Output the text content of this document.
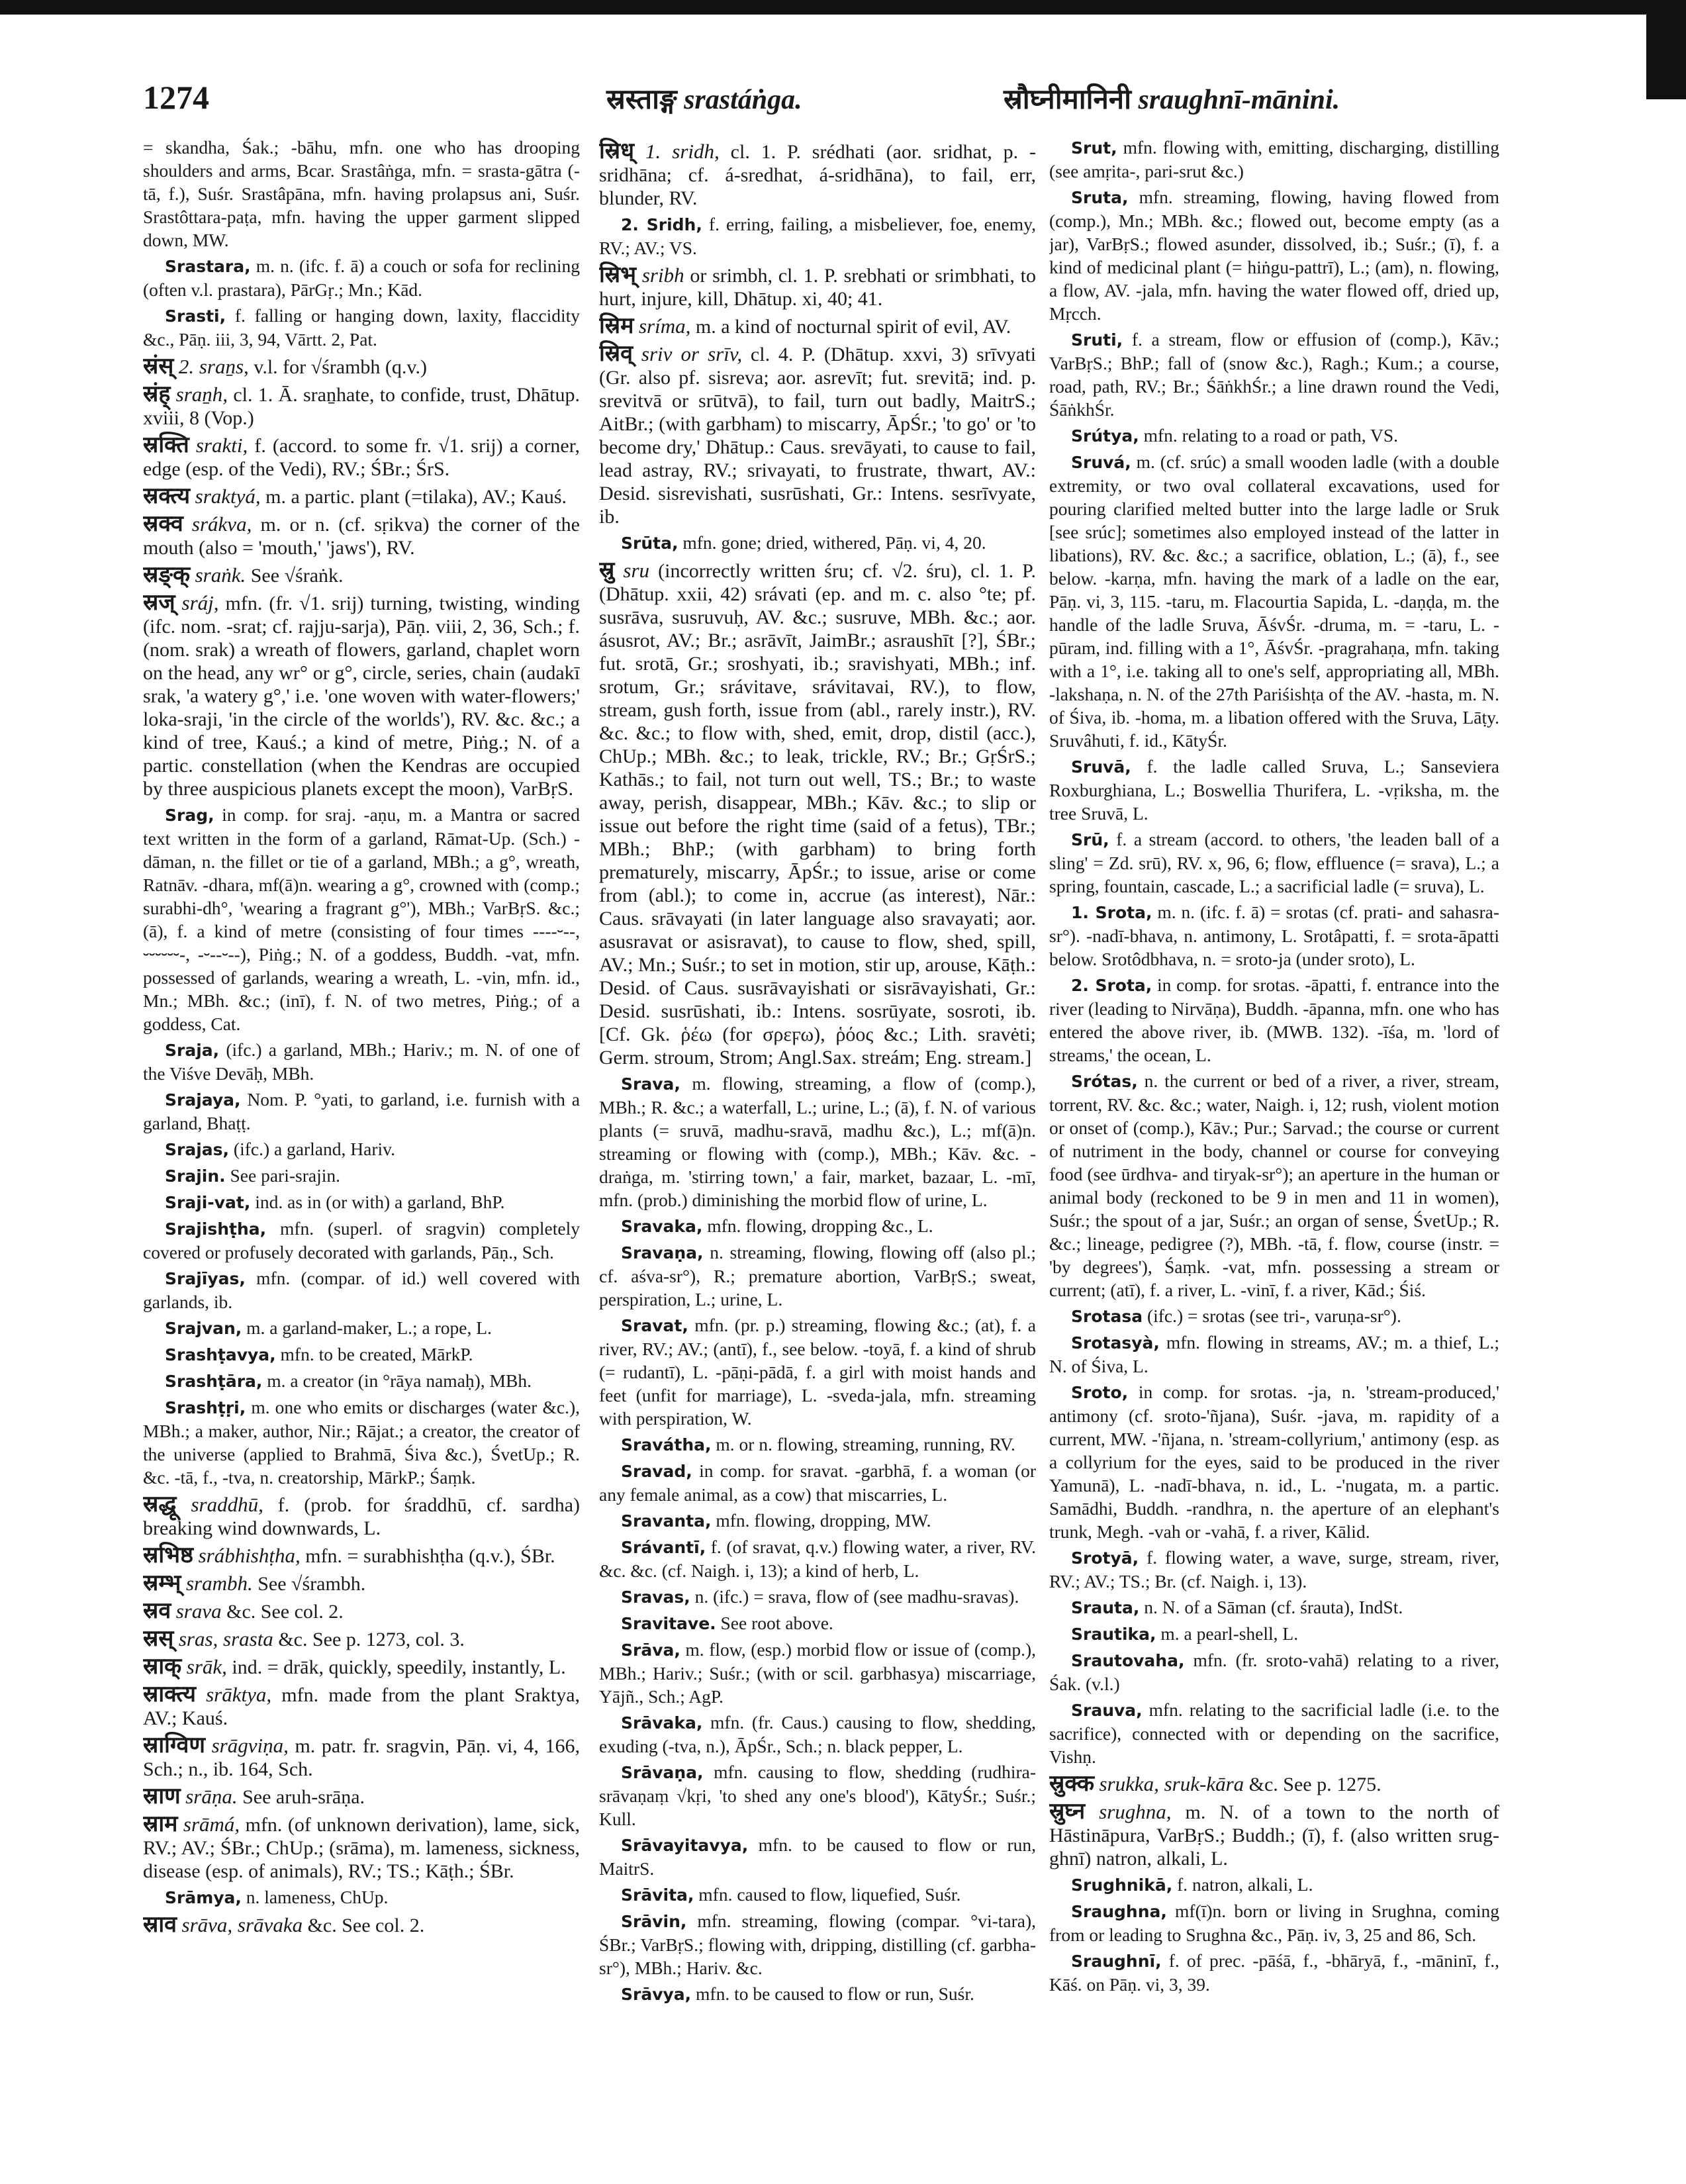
1274	स्रस्ताङ्ग srastáṅga.	स्रौघ्नीमानिनी sraughnī-mānini.

= skandha, Śak.; -bāhu, mfn. one who has drooping shoulders and arms, Bcar. Srastâṅga, mfn. = srasta-gātra (-tā, f.), Suśr. Srastâpāna, mfn. having prolapsus ani, Suśr. Srastôttara-paṭa, mfn. having the upper garment slipped down, MW.

Srastara, m. n. (ifc. f. ā) a couch or sofa for reclining (often v.l. prastara), PārGṛ.; Mn.; Kād.

Srasti, f. falling or hanging down, laxity, flaccidity &c., Pāṇ. iii, 3, 94, Vārtt. 2, Pat.

स्रंस् 2. sraṉs, v.l. for √śrambh (q.v.)

स्रंह् sraṉh, cl. 1. Ā. sraṉhate, to confide, trust, Dhātup. xviii, 8 (Vop.)

स्रक्ति srakti, f. (accord. to some fr. √1. srij) a corner, edge (esp. of the Vedi), RV.; ŚBr.; ŚrS.

स्रक्त्य sraktyá, m. a partic. plant (=tilaka), AV.; Kauś.

स्रक्व srákva, m. or n. (cf. sṛikva) the corner of the mouth (also = 'mouth,' 'jaws'), RV.

स्रङ्क् sraṅk. See √śraṅk.

स्रज् sráj, mfn. (fr. √1. srij) turning, twisting, winding (ifc. nom. -srat; cf. rajju-sarja), Pāṇ. viii, 2, 36, Sch.; f. (nom. srak) a wreath of flowers, garland, chaplet worn on the head, any wr° or g°, circle, series, chain (audakī srak, 'a watery g°,' i.e. 'one woven with water-flowers;' loka-sraji, 'in the circle of the worlds'), RV. &c. &c.; a kind of tree, Kauś.; a kind of metre, Piṅg.; N. of a partic. constellation (when the Kendras are occupied by three auspicious planets except the moon), VarBṛS.

Srag, in comp. for sraj. -aṇu, m. a Mantra or sacred text written in the form of a garland, Rāmat-Up. (Sch.) -dāman, n. the fillet or tie of a garland, MBh.; a g°, wreath, Ratnāv. -dhara, mf(ā)n. wearing a g°, crowned with (comp.; surabhi-dh°, 'wearing a fragrant g°'), MBh.; VarBṛS. &c.; (ā), f. a kind of metre (consisting of four times ----⏑--, ⏑⏑⏑⏑⏑⏑-, -⏑--⏑--), Piṅg.; N. of a goddess, Buddh. -vat, mfn. possessed of garlands, wearing a wreath, L. -vin, mfn. id., Mn.; MBh. &c.; (inī), f. N. of two metres, Piṅg.; of a goddess, Cat.

Sraja, (ifc.) a garland, MBh.; Hariv.; m. N. of one of the Viśve Devāḥ, MBh.

Srajaya, Nom. P. °yati, to garland, i.e. furnish with a garland, Bhaṭṭ.

Srajas, (ifc.) a garland, Hariv.

Srajin. See pari-srajin.

Sraji-vat, ind. as in (or with) a garland, BhP.

Srajishṭha, mfn. (superl. of sragvin) completely covered or profusely decorated with garlands, Pāṇ., Sch.

Srajīyas, mfn. (compar. of id.) well covered with garlands, ib.

Srajvan, m. a garland-maker, L.; a rope, L.

Srashṭavya, mfn. to be created, MārkP.

Srashṭāra, m. a creator (in °rāya namaḥ), MBh.

Srashṭṛi, m. one who emits or discharges (water &c.), MBh.; a maker, author, Nir.; Rājat.; a creator, the creator of the universe (applied to Brahmā, Śiva &c.), ŚvetUp.; R. &c. -tā, f., -tva, n. creatorship, MārkP.; Śaṃk.

स्रद्धू sraddhū, f. (prob. for śraddhū, cf. sardha) breaking wind downwards, L.

स्रभिष्ठ srábhishṭha, mfn. = surabhishṭha (q.v.), ŚBr.

स्रम्भ् srambh. See √śrambh.

स्रव srava &c. See col. 2.

स्रस् sras, srasta &c. See p. 1273, col. 3.

स्राक् srāk, ind. = drāk, quickly, speedily, instantly, L.

स्राक्त्य srāktya, mfn. made from the plant Sraktya, AV.; Kauś.

स्राग्विण srāgviṇa, m. patr. fr. sragvin, Pāṇ. vi, 4, 166, Sch.; n., ib. 164, Sch.

स्राण srāṇa. See aruh-srāṇa.

स्राम srāmá, mfn. (of unknown derivation), lame, sick, RV.; AV.; ŚBr.; ChUp.; (srāma), m. lameness, sickness, disease (esp. of animals), RV.; TS.; Kāṭh.; ŚBr.

Srāmya, n. lameness, ChUp.

स्राव srāva, srāvaka &c. See col. 2.

स्रिध् 1. sridh, cl. 1. P. srédhati (aor. sridhat, p. -sridhāna; cf. á-sredhat, á-sridhāna), to fail, err, blunder, RV.

2. Sridh, f. erring, failing, a misbeliever, foe, enemy, RV.; AV.; VS.

स्रिभ् sribh or srimbh, cl. 1. P. srebhati or srimbhati, to hurt, injure, kill, Dhātup. xi, 40; 41.

स्रिम sríma, m. a kind of nocturnal spirit of evil, AV.

स्रिव् sriv or srīv, cl. 4. P. (Dhātup. xxvi, 3) srīvyati (Gr. also pf. sisreva; aor. asrevīt; fut. srevitā; ind. p. srevitvā or srūtvā), to fail, turn out badly, MaitrS.; AitBr.; (with garbham) to miscarry, ĀpŚr.; 'to go' or 'to become dry,' Dhātup.: Caus. srevāyati, to cause to fail, lead astray, RV.; srivayati, to frustrate, thwart, AV.: Desid. sisrevishati, susrūshati, Gr.: Intens. sesrīvyate, ib.

Srūta, mfn. gone; dried, withered, Pāṇ. vi, 4, 20.

स्रु sru (incorrectly written śru; cf. √2. śru), cl. 1. P. (Dhātup. xxii, 42) srávati (ep. and m. c. also °te; pf. susrāva, susruvuḥ, AV. &c.; susruve, MBh. &c.; aor. ásusrot, AV.; Br.; asrāvīt, JaimBr.; asraushīt [?], ŚBr.; fut. srotā, Gr.; sroshyati, ib.; sravishyati, MBh.; inf. srotum, Gr.; srávitave, srávitavai, RV.), to flow, stream, gush forth, issue from (abl., rarely instr.), RV. &c. &c.; to flow with, shed, emit, drop, distil (acc.), ChUp.; MBh. &c.; to leak, trickle, RV.; Br.; GṛŚrS.; Kathās.; to fail, not turn out well, TS.; Br.; to waste away, perish, disappear, MBh.; Kāv. &c.; to slip or issue out before the right time (said of a fetus), TBr.; MBh.; BhP.; (with garbham) to bring forth prematurely, miscarry, ĀpŚr.; to issue, arise or come from (abl.); to come in, accrue (as interest), Nār.: Caus. srāvayati (in later language also sravayati; aor. asusravat or asisravat), to cause to flow, shed, spill, AV.; Mn.; Suśr.; to set in motion, stir up, arouse, Kāṭh.: Desid. of Caus. susrāvayishati or sisrāvayishati, Gr.: Desid. susrūshati, ib.: Intens. sosrūyate, sosroti, ib. [Cf. Gk. ῥέω (for σρεϝω), ῥόος &c.; Lith. sravėti; Germ. stroum, Strom; Angl.Sax. streám; Eng. stream.]

Srava, m. flowing, streaming, a flow of (comp.), MBh.; R. &c.; a waterfall, L.; urine, L.; (ā), f. N. of various plants (= sruvā, madhu-sravā, madhu &c.), L.; mf(ā)n. streaming or flowing with (comp.), MBh.; Kāv. &c. -draṅga, m. 'stirring town,' a fair, market, bazaar, L. -mī, mfn. (prob.) diminishing the morbid flow of urine, L.

Sravaka, mfn. flowing, dropping &c., L.

Sravaṇa, n. streaming, flowing, flowing off (also pl.; cf. aśva-sr°), R.; premature abortion, VarBṛS.; sweat, perspiration, L.; urine, L.

Sravat, mfn. (pr. p.) streaming, flowing &c.; (at), f. a river, RV.; AV.; (antī), f., see below. -toyā, f. a kind of shrub (= rudantī), L. -pāṇi-pādā, f. a girl with moist hands and feet (unfit for marriage), L. -sveda-jala, mfn. streaming with perspiration, W.

Sravátha, m. or n. flowing, streaming, running, RV.

Sravad, in comp. for sravat. -garbhā, f. a woman (or any female animal, as a cow) that miscarries, L.

Sravanta, mfn. flowing, dropping, MW.

Srávantī, f. (of sravat, q.v.) flowing water, a river, RV. &c. &c. (cf. Naigh. i, 13); a kind of herb, L.

Sravas, n. (ifc.) = srava, flow of (see madhu-sravas).

Sravitave. See root above.

Srāva, m. flow, (esp.) morbid flow or issue of (comp.), MBh.; Hariv.; Suśr.; (with or scil. garbhasya) miscarriage, Yājñ., Sch.; AgP.

Srāvaka, mfn. (fr. Caus.) causing to flow, shedding, exuding (-tva, n.), ĀpŚr., Sch.; n. black pepper, L.

Srāvaṇa, mfn. causing to flow, shedding (rudhira-srāvaṇaṃ √kṛi, 'to shed any one's blood'), KātyŚr.; Suśr.; Kull.

Srāvayitavya, mfn. to be caused to flow or run, MaitrS.

Srāvita, mfn. caused to flow, liquefied, Suśr.

Srāvin, mfn. streaming, flowing (compar. °vi-tara), ŚBr.; VarBṛS.; flowing with, dripping, distilling (cf. garbha-sr°), MBh.; Hariv. &c.

Srāvya, mfn. to be caused to flow or run, Suśr.

Srut, mfn. flowing with, emitting, discharging, distilling (see amṛita-, pari-srut &c.)

Sruta, mfn. streaming, flowing, having flowed from (comp.), Mn.; MBh. &c.; flowed out, become empty (as a jar), VarBṛS.; flowed asunder, dissolved, ib.; Suśr.; (ī), f. a kind of medicinal plant (= hiṅgu-pattrī), L.; (am), n. flowing, a flow, AV. -jala, mfn. having the water flowed off, dried up, Mṛcch.

Sruti, f. a stream, flow or effusion of (comp.), Kāv.; VarBṛS.; BhP.; fall of (snow &c.), Ragh.; Kum.; a course, road, path, RV.; Br.; ŚāṅkhŚr.; a line drawn round the Vedi, ŚāṅkhŚr.

Srútya, mfn. relating to a road or path, VS.

Sruvá, m. (cf. srúc) a small wooden ladle (with a double extremity, or two oval collateral excavations, used for pouring clarified melted butter into the large ladle or Sruk [see srúc]; sometimes also employed instead of the latter in libations), RV. &c. &c.; a sacrifice, oblation, L.; (ā), f., see below. -karṇa, mfn. having the mark of a ladle on the ear, Pāṇ. vi, 3, 115. -taru, m. Flacourtia Sapida, L. -daṇḍa, m. the handle of the ladle Sruva, ĀśvŚr. -druma, m. = -taru, L. -pūram, ind. filling with a 1°, ĀśvŚr. -pragrahaṇa, mfn. taking with a 1°, i.e. taking all to one's self, appropriating all, MBh. -lakshaṇa, n. N. of the 27th Pariśishṭa of the AV. -hasta, m. N. of Śiva, ib. -homa, m. a libation offered with the Sruva, Lāṭy. Sruvâhuti, f. id., KātyŚr.

Sruvā, f. the ladle called Sruva, L.; Sanseviera Roxburghiana, L.; Boswellia Thurifera, L. -vṛiksha, m. the tree Sruvā, L.

Srū, f. a stream (accord. to others, 'the leaden ball of a sling' = Zd. srū), RV. x, 96, 6; flow, effluence (= srava), L.; a spring, fountain, cascade, L.; a sacrificial ladle (= sruva), L.

1. Srota, m. n. (ifc. f. ā) = srotas (cf. prati- and sahasra-sr°). -nadī-bhava, n. antimony, L. Srotâpatti, f. = srota-āpatti below. Srotôdbhava, n. = sroto-ja (under sroto), L.

2. Srota, in comp. for srotas. -āpatti, f. entrance into the river (leading to Nirvāṇa), Buddh. -āpanna, mfn. one who has entered the above river, ib. (MWB. 132). -īśa, m. 'lord of streams,' the ocean, L.

Srótas, n. the current or bed of a river, a river, stream, torrent, RV. &c. &c.; water, Naigh. i, 12; rush, violent motion or onset of (comp.), Kāv.; Pur.; Sarvad.; the course or current of nutriment in the body, channel or course for conveying food (see ūrdhva- and tiryak-sr°); an aperture in the human or animal body (reckoned to be 9 in men and 11 in women), Suśr.; the spout of a jar, Suśr.; an organ of sense, ŚvetUp.; R. &c.; lineage, pedigree (?), MBh. -tā, f. flow, course (instr. = 'by degrees'), Śaṃk. -vat, mfn. possessing a stream or current; (atī), f. a river, L. -vinī, f. a river, Kād.; Śiś.

Srotasa (ifc.) = srotas (see tri-, varuṇa-sr°).

Srotasyà, mfn. flowing in streams, AV.; m. a thief, L.; N. of Śiva, L.

Sroto, in comp. for srotas. -ja, n. 'stream-produced,' antimony (cf. sroto-'ñjana), Suśr. -java, m. rapidity of a current, MW. -'ñjana, n. 'stream-collyrium,' antimony (esp. as a collyrium for the eyes, said to be produced in the river Yamunā), L. -nadī-bhava, n. id., L. -'nugata, m. a partic. Samādhi, Buddh. -randhra, n. the aperture of an elephant's trunk, Megh. -vah or -vahā, f. a river, Kālid.

Srotyā, f. flowing water, a wave, surge, stream, river, RV.; AV.; TS.; Br. (cf. Naigh. i, 13).

Srauta, n. N. of a Sāman (cf. śrauta), IndSt.

Srautika, m. a pearl-shell, L.

Srautovaha, mfn. (fr. sroto-vahā) relating to a river, Śak. (v.l.)

Srauva, mfn. relating to the sacrificial ladle (i.e. to the sacrifice), connected with or depending on the sacrifice, Vishṇ.

स्रुक्क srukka, sruk-kāra &c. See p. 1275.

स्रुघ्न srughna, m. N. of a town to the north of Hāstināpura, VarBṛS.; Buddh.; (ī), f. (also written srug-ghnī) natron, alkali, L.

Srughnikā, f. natron, alkali, L.

Sraughna, mf(ī)n. born or living in Srughna, coming from or leading to Srughna &c., Pāṇ. iv, 3, 25 and 86, Sch.

Sraughnī, f. of prec. -pāśā, f., -bhāryā, f., -māninī, f., Kāś. on Pāṇ. vi, 3, 39.
